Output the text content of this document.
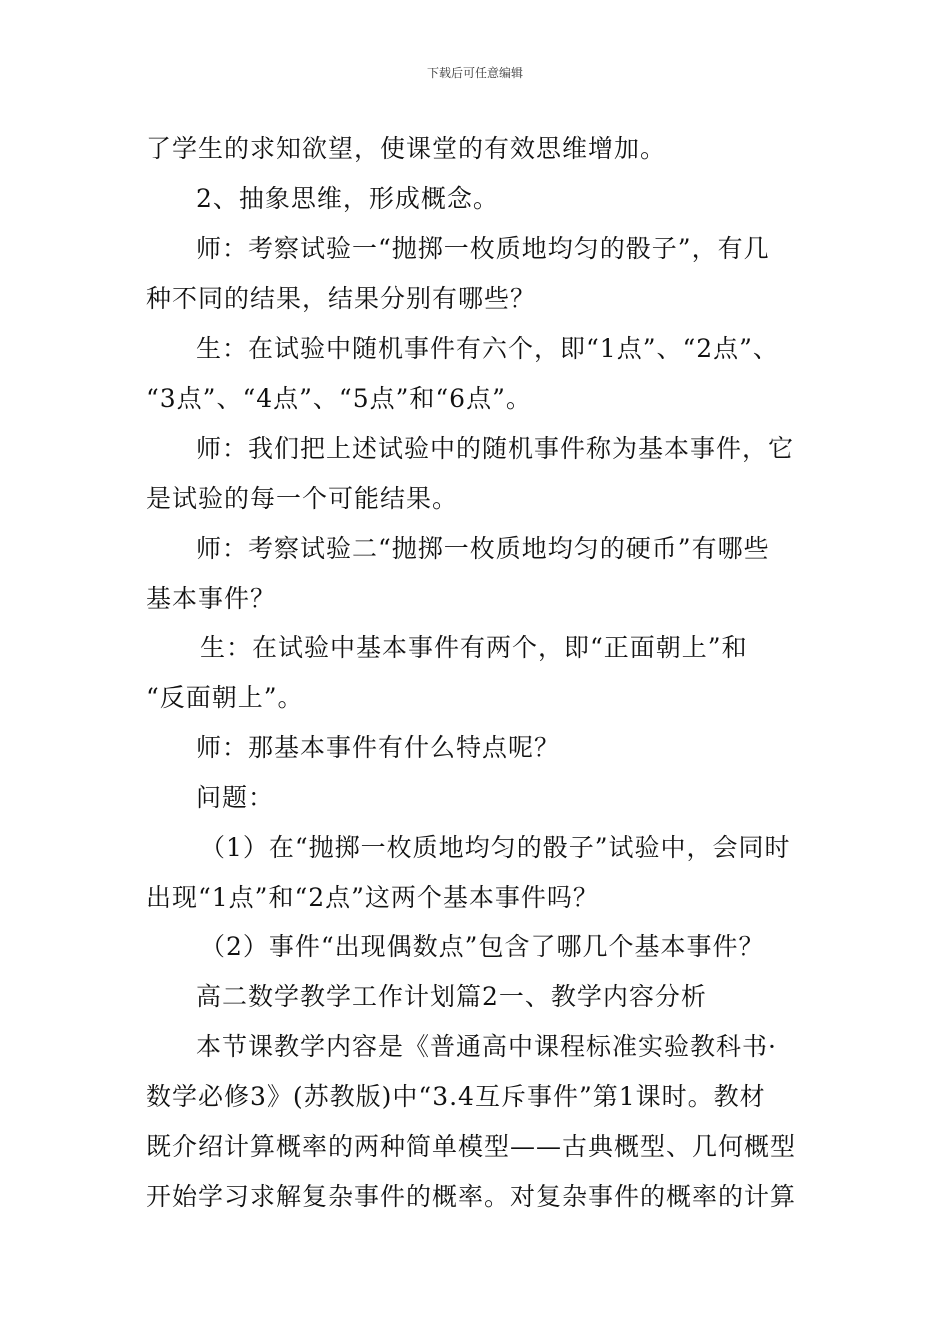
下载后可任意编辑
了学生的求知欲望，使课堂的有效思维增加。
2、抽象思维，形成概念。
师：考察试验一“抛掷一枚质地均匀的骰子”，有几
种不同的结果，结果分别有哪些？
生：在试验中随机事件有六个，即“1点”、“2点”、
“3点”、“4点”、“5点”和“6点”。
师：我们把上述试验中的随机事件称为基本事件，它
是试验的每一个可能结果。
师：考察试验二“抛掷一枚质地均匀的硬币”有哪些
基本事件？
生：在试验中基本事件有两个，即“正面朝上”和
“反面朝上”。
师：那基本事件有什么特点呢？
问题：
（1）在“抛掷一枚质地均匀的骰子”试验中，会同时
出现“1点”和“2点”这两个基本事件吗？
（2）事件“出现偶数点”包含了哪几个基本事件？
高二数学教学工作计划篇2一、教学内容分析
本节课教学内容是《普通高中课程标准实验教科书·
数学必修3》(苏教版)中“3.4互斥事件”第1课时。教材
既介绍计算概率的两种简单模型——古典概型、几何概型
开始学习求解复杂事件的概率。对复杂事件的概率的计算
